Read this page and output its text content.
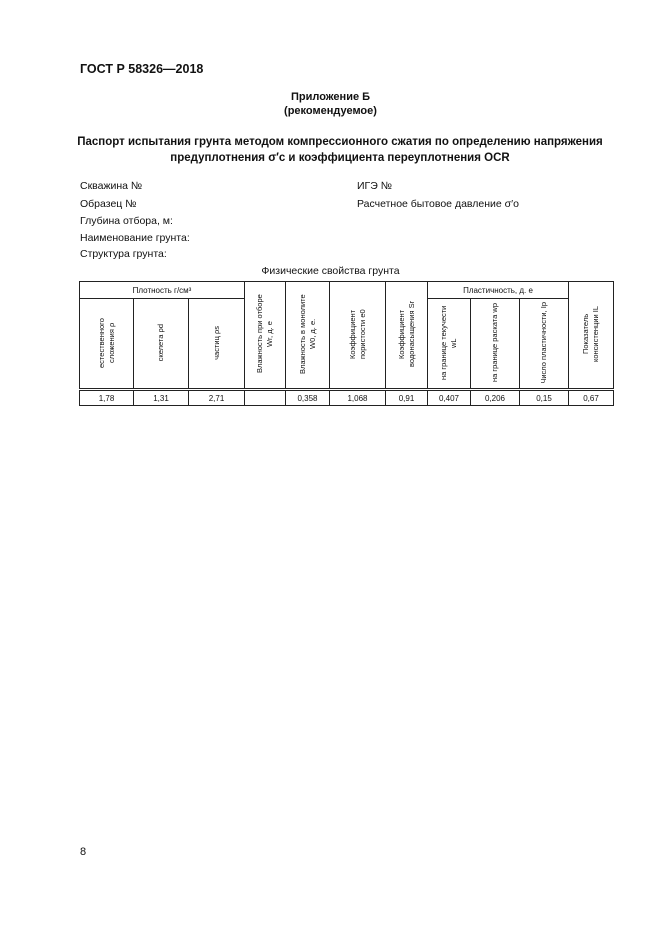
ГОСТ Р 58326—2018
Приложение Б
(рекомендуемое)
Паспорт испытания грунта методом компрессионного сжатия по определению напряжения
предуплотнения σ′c и коэффициента переуплотнения OCR
Скважина №
Образец №
Глубина отбора, м:
Наименование грунта:
Структура грунта:
ИГЭ №
Расчетное бытовое давление σ′o
Физические свойства грунта
Плотность г/см³			Влажность при отборе Wr, д. е	Влажность в монолите W0, д. е.	Коэффициент пористости e0	Коэффициент водонасыщения Sr	Пластичность, д. е			Показатель консистенции IL
естественного сложения ρ	скелета ρd	частиц ρs					на границе текучести wL	на границе раската wp	Число пластичности, Ip	
1,78	1,31	2,71		0,358	1,068	0,91	0,407	0,206	0,15	0,67
8
